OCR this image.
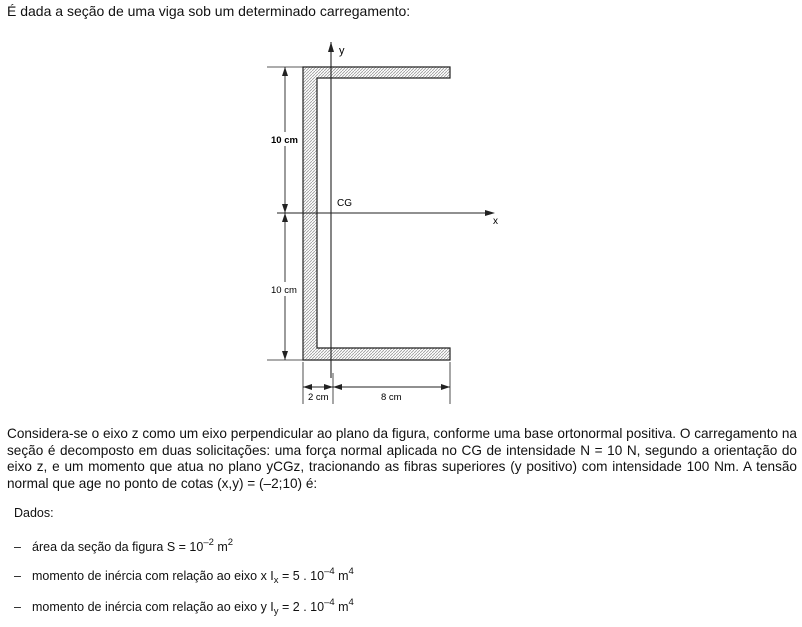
É dada a seção de uma viga sob um determinado carregamento:

y
x
CG
10 cm
10 cm
2 cm	8 cm

Considera-se o eixo z como um eixo perpendicular ao plano da figura, conforme uma base ortonormal positiva. O carregamento na seção é decomposto em duas solicitações: uma força normal aplicada no CG de intensidade N = 10 N, segundo a orientação do eixo z, e um momento que atua no plano yCGz, tracionando as fibras superiores (y positivo) com intensidade 100 Nm. A tensão normal que age no ponto de cotas (x,y) = (–2;10) é:

Dados:

– área da seção da figura $S = 10^{-2}$ $m^2$
– momento de inércia com relação ao eixo x $I_x = 5$ . $10^{-4}$ $m^4$
– momento de inércia com relação ao eixo y $I_y = 2$ . $10^{-4}$ $m^4$
